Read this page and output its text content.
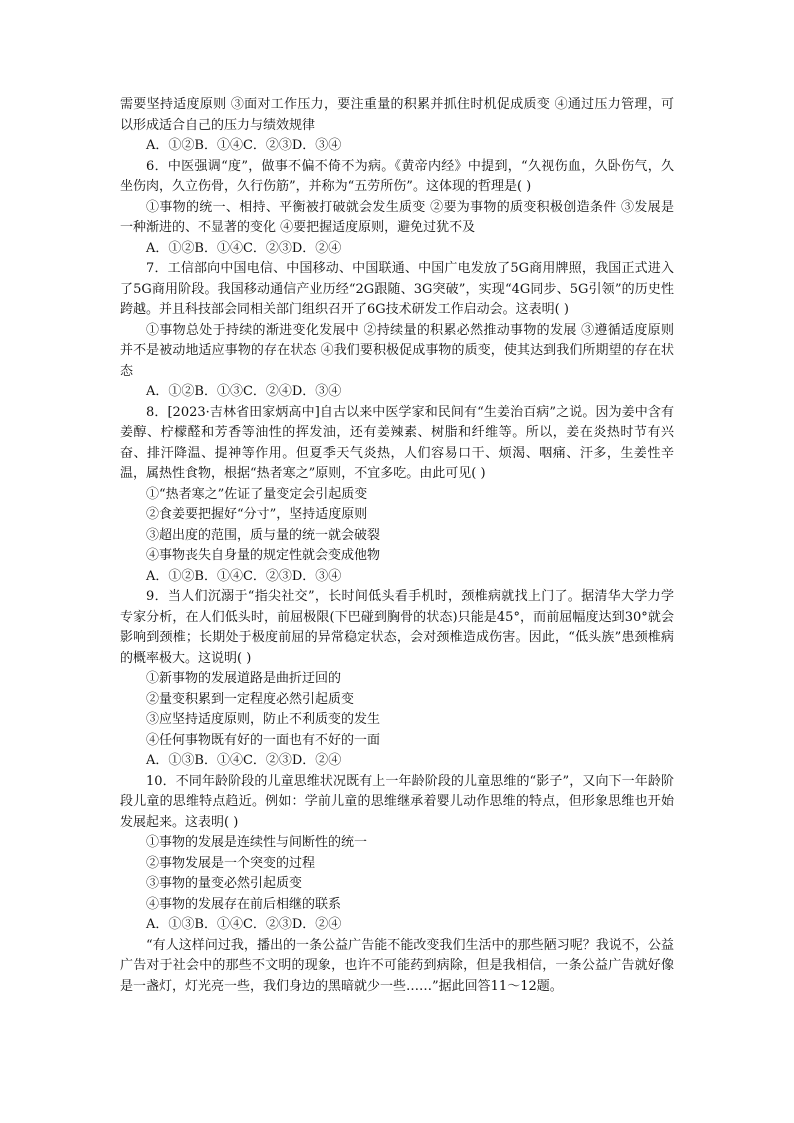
需要坚持适度原则 ③面对工作压力，要注重量的积累并抓住时机促成质变 ④通过压力管理，可以形成适合自己的压力与绩效规律

A．①②B．①④C．②③D．③④

6．中医强调“度”，做事不偏不倚不为病。《黄帝内经》中提到，“久视伤血，久卧伤气，久坐伤肉，久立伤骨，久行伤筋”，并称为“五劳所伤”。这体现的哲理是( )

①事物的统一、相持、平衡被打破就会发生质变 ②要为事物的质变积极创造条件 ③发展是一种渐进的、不显著的变化 ④要把握适度原则，避免过犹不及

A．①②B．①④C．②③D．②④

7．工信部向中国电信、中国移动、中国联通、中国广电发放了5G商用牌照，我国正式进入了5G商用阶段。我国移动通信产业历经“2G跟随、3G突破”，实现“4G同步、5G引领”的历史性跨越。并且科技部会同相关部门组织召开了6G技术研发工作启动会。这表明( )

①事物总处于持续的渐进变化发展中 ②持续量的积累必然推动事物的发展 ③遵循适度原则并不是被动地适应事物的存在状态 ④我们要积极促成事物的质变，使其达到我们所期望的存在状态

A．①②B．①③C．②④D．③④

8．[2023·吉林省田家炳高中]自古以来中医学家和民间有“生姜治百病”之说。因为姜中含有姜醇、柠檬醛和芳香等油性的挥发油，还有姜辣素、树脂和纤维等。所以，姜在炎热时节有兴奋、排汗降温、提神等作用。但夏季天气炎热，人们容易口干、烦渴、咽痛、汗多，生姜性辛温，属热性食物，根据“热者寒之”原则，不宜多吃。由此可见( )

①“热者寒之”佐证了量变定会引起质变

②食姜要把握好“分寸”，坚持适度原则

③超出度的范围，质与量的统一就会破裂

④事物丧失自身量的规定性就会变成他物

A．①②B．①④C．②③D．③④

9．当人们沉溺于“指尖社交”，长时间低头看手机时，颈椎病就找上门了。据清华大学力学专家分析，在人们低头时，前屈极限(下巴碰到胸骨的状态)只能是45°，而前屈幅度达到30°就会影响到颈椎；长期处于极度前屈的异常稳定状态，会对颈椎造成伤害。因此，“低头族”患颈椎病的概率极大。这说明( )

①新事物的发展道路是曲折迂回的

②量变积累到一定程度必然引起质变

③应坚持适度原则，防止不利质变的发生

④任何事物既有好的一面也有不好的一面

A．①③B．①④C．②③D．②④

10．不同年龄阶段的儿童思维状况既有上一年龄阶段的儿童思维的“影子”，又向下一年龄阶段儿童的思维特点趋近。例如：学前儿童的思维继承着婴儿动作思维的特点，但形象思维也开始发展起来。这表明( )

①事物的发展是连续性与间断性的统一

②事物发展是一个突变的过程

③事物的量变必然引起质变

④事物的发展存在前后相继的联系

A．①③B．①④C．②③D．②④

“有人这样问过我，播出的一条公益广告能不能改变我们生活中的那些陋习呢？我说不，公益广告对于社会中的那些不文明的现象，也许不可能药到病除，但是我相信，一条公益广告就好像是一盏灯，灯光亮一些，我们身边的黑暗就少一些……”据此回答11～12题。
